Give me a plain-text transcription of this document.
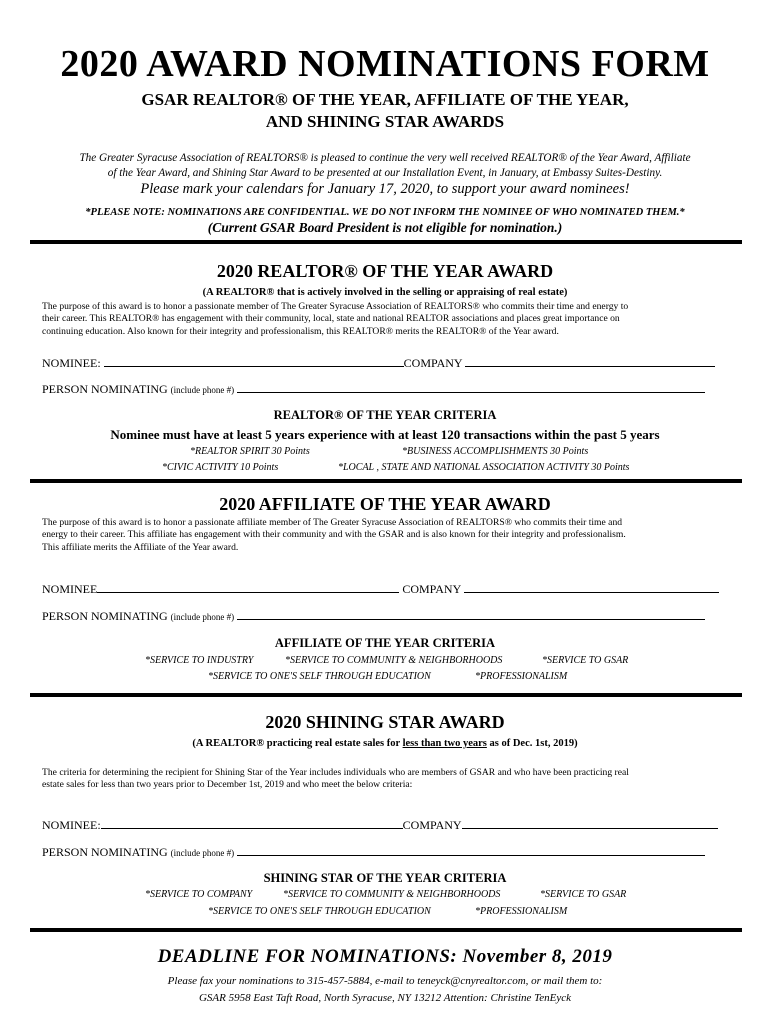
2020 AWARD NOMINATIONS FORM
GSAR REALTOR® OF THE YEAR, AFFILIATE OF THE YEAR,
AND SHINING STAR AWARDS
The Greater Syracuse Association of REALTORS® is pleased to continue the very well received REALTOR® of the Year Award, Affiliate
of the Year Award, and Shining Star Award to be presented at our Installation Event, in January, at Embassy Suites-Destiny.
Please mark your calendars for January 17, 2020, to support your award nominees!
*PLEASE NOTE: NOMINATIONS ARE CONFIDENTIAL. WE DO NOT INFORM THE NOMINEE OF WHO NOMINATED THEM.*
(Current GSAR Board President is not eligible for nomination.)
2020 REALTOR® OF THE YEAR AWARD
(A REALTOR® that is actively involved in the selling or appraising of real estate)
The purpose of this award is to honor a passionate member of The Greater Syracuse Association of REALTORS® who commits their time and energy to
their career. This REALTOR® has engagement with their community, local, state and national REALTOR associations and places great importance on
continuing education. Also known for their integrity and professionalism, this REALTOR® merits the REALTOR® of the Year award.
NOMINEE:	COMPANY
PERSON NOMINATING (include phone #)
REALTOR® OF THE YEAR CRITERIA
Nominee must have at least 5 years experience with at least 120 transactions within the past 5 years
*REALTOR SPIRIT 30 Points	*BUSINESS ACCOMPLISHMENTS 30 Points
*CIVIC ACTIVITY 10 Points	*LOCAL , STATE AND NATIONAL ASSOCIATION ACTIVITY 30 Points
2020 AFFILIATE OF THE YEAR AWARD
The purpose of this award is to honor a passionate affiliate member of The Greater Syracuse Association of REALTORS® who commits their time and
energy to their career. This affiliate has engagement with their community and with the GSAR and is also known for their integrity and professionalism.
This affiliate merits the Affiliate of the Year award.
NOMINEE	COMPANY
PERSON NOMINATING (include phone #)
AFFILIATE OF THE YEAR CRITERIA
*SERVICE TO INDUSTRY	*SERVICE TO COMMUNITY & NEIGHBORHOODS	*SERVICE TO GSAR
*SERVICE TO ONE'S SELF THROUGH EDUCATION	*PROFESSIONALISM
2020 SHINING STAR AWARD
(A REALTOR® practicing real estate sales for less than two years as of Dec. 1st, 2019)
The criteria for determining the recipient for Shining Star of the Year includes individuals who are members of GSAR and who have been practicing real
estate sales for less than two years prior to December 1st, 2019 and who meet the below criteria:
NOMINEE:	COMPANY
PERSON NOMINATING (include phone #)
SHINING STAR OF THE YEAR CRITERIA
*SERVICE TO COMPANY	*SERVICE TO COMMUNITY & NEIGHBORHOODS	*SERVICE TO GSAR
*SERVICE TO ONE'S SELF THROUGH EDUCATION	*PROFESSIONALISM
DEADLINE FOR NOMINATIONS: November 8, 2019
Please fax your nominations to 315-457-5884, e-mail to teneyck@cnyrealtor.com, or mail them to:
GSAR 5958 East Taft Road, North Syracuse, NY 13212 Attention: Christine TenEyck
